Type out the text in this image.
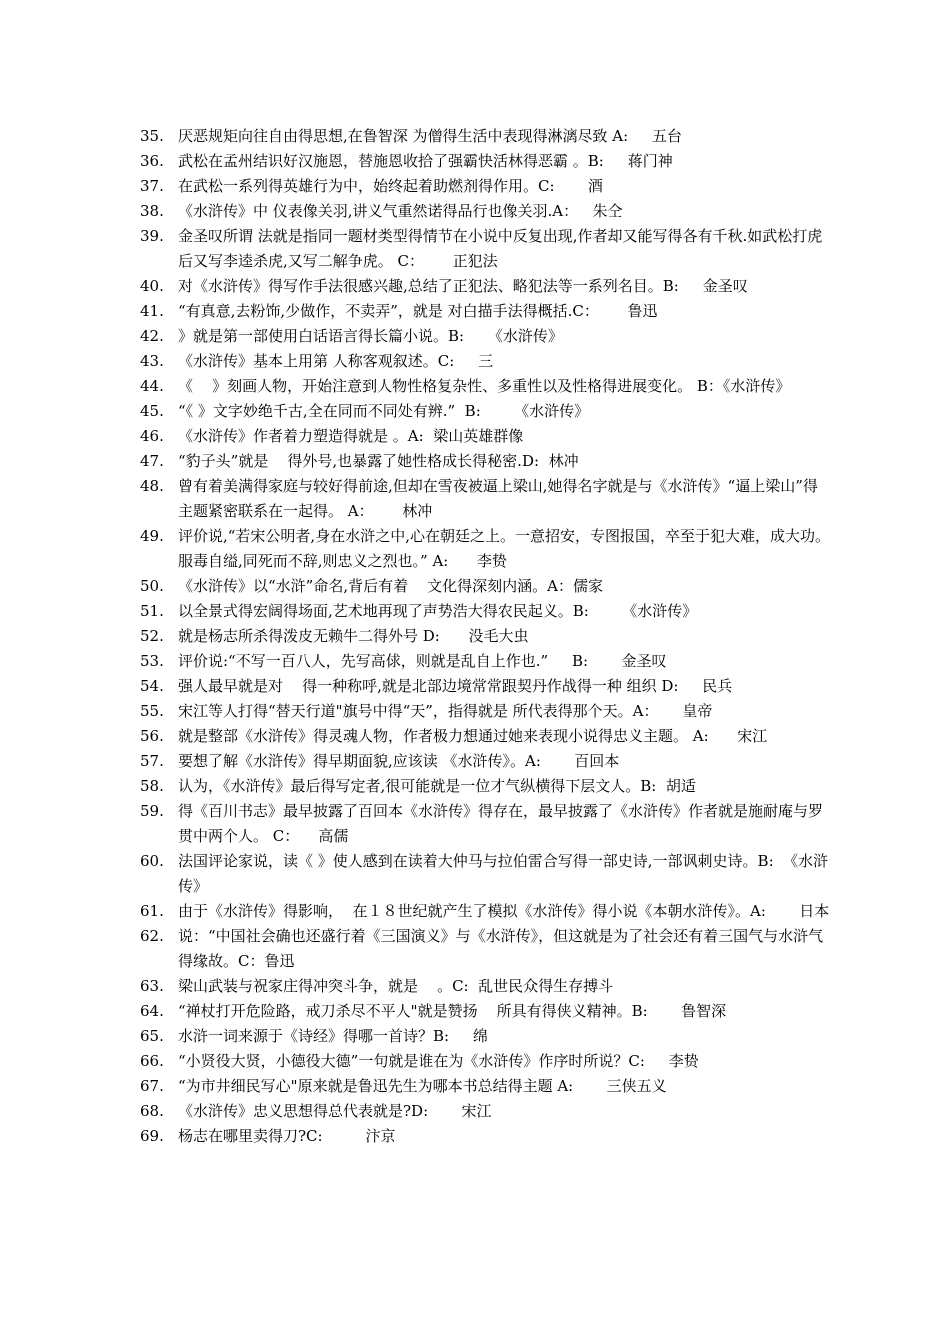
35. 厌恶规矩向往自由得思想,在鲁智深 为僧得生活中表现得淋漓尽致 A:     五台
36. 武松在孟州结识好汉施恩，替施恩收拾了强霸快活林得恶霸 。B:     蒋门神
37. 在武松一系列得英雄行为中，始终起着助燃剂得作用。C:       酒
38. 《水浒传》中 仪表像关羽,讲义气重然诺得品行也像关羽.A：   朱仝
39. 金圣叹所谓 法就是指同一题材类型得情节在小说中反复出现,作者却又能写得各有千秋.如武松打虎后又写李逵杀虎,又写二解争虎。 C：      正犯法
40. 对《水浒传》得写作手法很感兴趣,总结了正犯法、略犯法等一系列名目。B:     金圣叹
41. “有真意,去粉饰,少做作，不卖弄”，就是 对白描手法得概括.C：      鲁迅
42. 》就是第一部使用白话语言得长篇小说。B:     《水浒传》
43. 《水浒传》基本上用第 人称客观叙述。C:     三
44. 《    》刻画人物，开始注意到人物性格复杂性、多重性以及性格得进展变化。 B：《水浒传》
45. “《 》文字妙绝千古,全在同而不同处有辨.”  B:       《水浒传》
46. 《水浒传》作者着力塑造得就是 。A:  梁山英雄群像
47. “豹子头”就是    得外号,也暴露了她性格成长得秘密.D:  林冲
48. 曾有着美满得家庭与较好得前途,但却在雪夜被逼上梁山,她得名字就是与《水浒传》“逼上梁山”得主题紧密联系在一起得。 A：      林冲
49. 评价说,“若宋公明者,身在水浒之中,心在朝廷之上。一意招安，专图报国，卒至于犯大难，成大功。服毒自缢,同死而不辞,则忠义之烈也。” A:      李贽
50. 《水浒传》以“水浒”命名,背后有着    文化得深刻内涵。A：儒家
51. 以全景式得宏阔得场面,艺术地再现了声势浩大得农民起义。B:       《水浒传》
52. 就是杨志所杀得泼皮无赖牛二得外号 D:      没毛大虫
53. 评价说:“不写一百八人，先写高俅，则就是乱自上作也.”     B:       金圣叹
54. 强人最早就是对    得一种称呼,就是北部边境常常跟契丹作战得一种 组织 D:     民兵
55. 宋江等人打得“替天行道"旗号中得“天”，指得就是 所代表得那个天。A：     皇帝
56. 就是整部《水浒传》得灵魂人物，作者极力想通过她来表现小说得忠义主题。 A:      宋江
57. 要想了解《水浒传》得早期面貌,应该读 《水浒传》。A:       百回本
58. 认为，《水浒传》最后得写定者,很可能就是一位才气纵横得下层文人。B:  胡适
59. 得《百川书志》最早披露了百回本《水浒传》得存在，最早披露了《水浒传》作者就是施耐庵与罗贯中两个人。 C：    高儒
60. 法国评论家说，读《 》使人感到在读着大仲马与拉伯雷合写得一部史诗,一部讽刺史诗。B:  《水浒传》
61. 由于《水浒传》得影响，  在１８世纪就产生了模拟《水浒传》得小说《本朝水浒传》。A:       日本
62. 说：“中国社会确也还盛行着《三国演义》与《水浒传》，但这就是为了社会还有着三国气与水浒气得缘故。C：鲁迅
63. 梁山武装与祝家庄得冲突斗争，就是    。C:  乱世民众得生存搏斗
64. “禅杖打开危险路，戒刀杀尽不平人"就是赞扬    所具有得侠义精神。B:       鲁智深
65. 水浒一词来源于《诗经》得哪一首诗？B:     绵
66. “小贤役大贤，小德役大德”一句就是谁在为《水浒传》作序时所说？C:     李贽
67. “为市井细民写心"原来就是鲁迅先生为哪本书总结得主题 A:       三侠五义
68. 《水浒传》忠义思想得总代表就是?D:       宋江
69. 杨志在哪里卖得刀?C:         汴京
